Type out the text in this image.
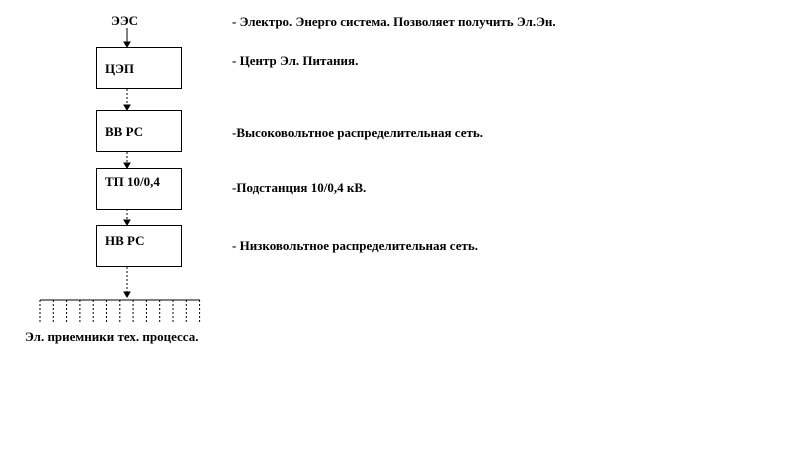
ЭЭС	- Электро. Энерго система. Позволяет получить Эл.Эн.
ЦЭП
- Центр Эл. Питания.
ВВ РС	-Высоковольтное распределительная сеть.
ТП 10/0,4	-Подстанция 10/0,4 кВ.
НВ РС	- Низковольтное распределительная сеть.
Эл. приемники тех. процесса.
